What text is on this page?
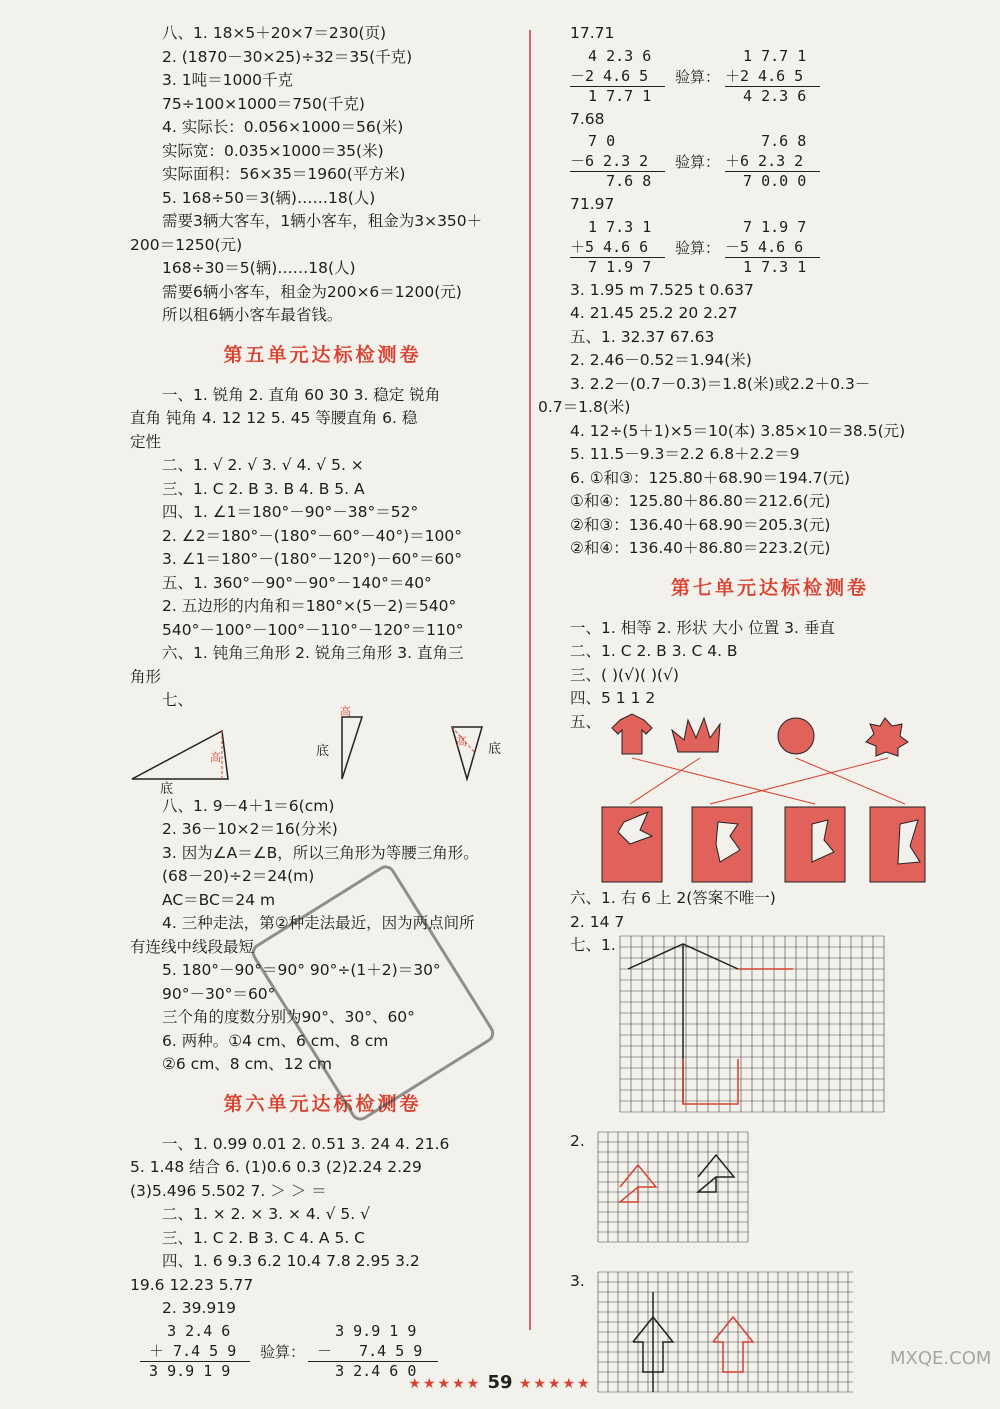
八、1. 18×5＋20×7＝230(页)
2. (1870－30×25)÷32＝35(千克)
3. 1吨＝1000千克
75÷100×1000＝750(千克)
4. 实际长：0.056×1000＝56(米)
实际宽：0.035×1000＝35(米)
实际面积：56×35＝1960(平方米)
5. 168÷50＝3(辆)……18(人)
需要3辆大客车，1辆小客车，租金为3×350＋
200＝1250(元)
168÷30＝5(辆)……18(人)
需要6辆小客车，租金为200×6＝1200(元)
所以租6辆小客车最省钱。
第五单元达标检测卷
一、1. 锐角 2. 直角 60 30 3. 稳定 锐角
直角 钝角 4. 12 12 5. 45 等腰直角 6. 稳
定性
二、1. √ 2. √ 3. √ 4. √ 5. ×
三、1. C 2. B 3. B 4. B 5. A
四、1. ∠1＝180°－90°－38°＝52°
2. ∠2＝180°－(180°－60°－40°)＝100°
3. ∠1＝180°－(180°－120°)－60°＝60°
五、1. 360°－90°－90°－140°＝40°
2. 五边形的内角和＝180°×(5－2)＝540°
540°－100°－100°－110°－120°＝110°
六、1. 钝角三角形 2. 锐角三角形 3. 直角三
角形
七、
高
底
高
底
高
底
八、1. 9－4＋1＝6(cm)
2. 36－10×2＝16(分米)
3. 因为∠A＝∠B，所以三角形为等腰三角形。
(68－20)÷2＝24(m)
AC＝BC＝24 m
4. 三种走法，第②种走法最近，因为两点间所
有连线中线段最短
5. 180°－90°＝90° 90°÷(1＋2)＝30°
90°－30°＝60°
三个角的度数分别为90°、30°、60°
6. 两种。①4 cm、6 cm、8 cm
②6 cm、8 cm、12 cm
第六单元达标检测卷
一、1. 0.99 0.01 2. 0.51 3. 24 4. 21.6
5. 1.48 结合 6. (1)0.6 0.3 (2)2.24 2.29
(3)5.496 5.502 7. ＞ ＞ ＝
二、1. × 2. × 3. × 4. √ 5. √
三、1. C 2. B 3. C 4. A 5. C
四、1. 6 9.3 6.2 10.4 7.8 2.95 3.2
19.6 12.23 5.77
2. 39.919
3 2.4 6
＋ 7.4 5 9
3 9.9 1 9
验算：
3 9.9 1 9
－   7.4 5 9
3 2.4 6 0
17.71
4 2.3 6
－2 4.6 5
1 7.7 1
验算：
1 7.7 1
＋2 4.6 5
4 2.3 6
7.68
7 0
－6 2.3 2
7.6 8
验算：
7.6 8
＋6 2.3 2
7 0.0 0
71.97
1 7.3 1
＋5 4.6 6
7 1.9 7
验算：
7 1.9 7
－5 4.6 6
1 7.3 1
3. 1.95 m 7.525 t 0.637
4. 21.45 25.2 20 2.27
五、1. 32.37 67.63
2. 2.46－0.52＝1.94(米)
3. 2.2－(0.7－0.3)＝1.8(米)或2.2＋0.3－
0.7＝1.8(米)
4. 12÷(5＋1)×5＝10(本) 3.85×10＝38.5(元)
5. 11.5－9.3＝2.2 6.8＋2.2＝9
6. ①和③：125.80＋68.90＝194.7(元)
①和④：125.80＋86.80＝212.6(元)
②和③：136.40＋68.90＝205.3(元)
②和④：136.40＋86.80＝223.2(元)
第七单元达标检测卷
一、1. 相等 2. 形状 大小 位置 3. 垂直
二、1. C 2. B 3. C 4. B
三、( )(√)( )(√)
四、5 1 1 2
五、
六、1. 右 6 上 2(答案不唯一)
2. 14 7
七、1.
2.
3.
★★★★★ 59 ★★★★★
MXQE.COM
